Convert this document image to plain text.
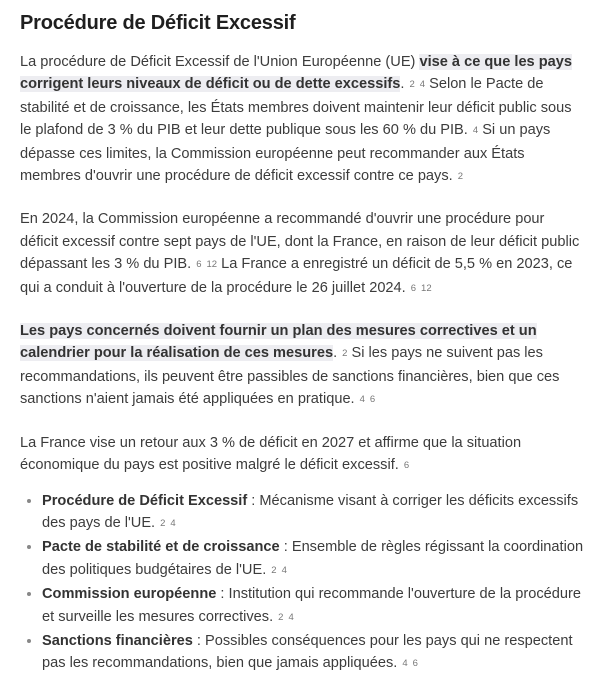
Procédure de Déficit Excessif

La procédure de Déficit Excessif de l'Union Européenne (UE) vise à ce que les pays corrigent leurs niveaux de déficit ou de dette excessifs. 2 4 Selon le Pacte de stabilité et de croissance, les États membres doivent maintenir leur déficit public sous le plafond de 3 % du PIB et leur dette publique sous les 60 % du PIB. 4 Si un pays dépasse ces limites, la Commission européenne peut recommander aux États membres d'ouvrir une procédure de déficit excessif contre ce pays. 2

En 2024, la Commission européenne a recommandé d'ouvrir une procédure pour déficit excessif contre sept pays de l'UE, dont la France, en raison de leur déficit public dépassant les 3 % du PIB. 6 12 La France a enregistré un déficit de 5,5 % en 2023, ce qui a conduit à l'ouverture de la procédure le 26 juillet 2024. 6 12

Les pays concernés doivent fournir un plan des mesures correctives et un calendrier pour la réalisation de ces mesures. 2 Si les pays ne suivent pas les recommandations, ils peuvent être passibles de sanctions financières, bien que ces sanctions n'aient jamais été appliquées en pratique. 4 6

La France vise un retour aux 3 % de déficit en 2027 et affirme que la situation économique du pays est positive malgré le déficit excessif. 6

• Procédure de Déficit Excessif : Mécanisme visant à corriger les déficits excessifs des pays de l'UE. 2 4
• Pacte de stabilité et de croissance : Ensemble de règles régissant la coordination des politiques budgétaires de l'UE. 2 4
• Commission européenne : Institution qui recommande l'ouverture de la procédure et surveille les mesures correctives. 2 4
• Sanctions financières : Possibles conséquences pour les pays qui ne respectent pas les recommandations, bien que jamais appliquées. 4 6
